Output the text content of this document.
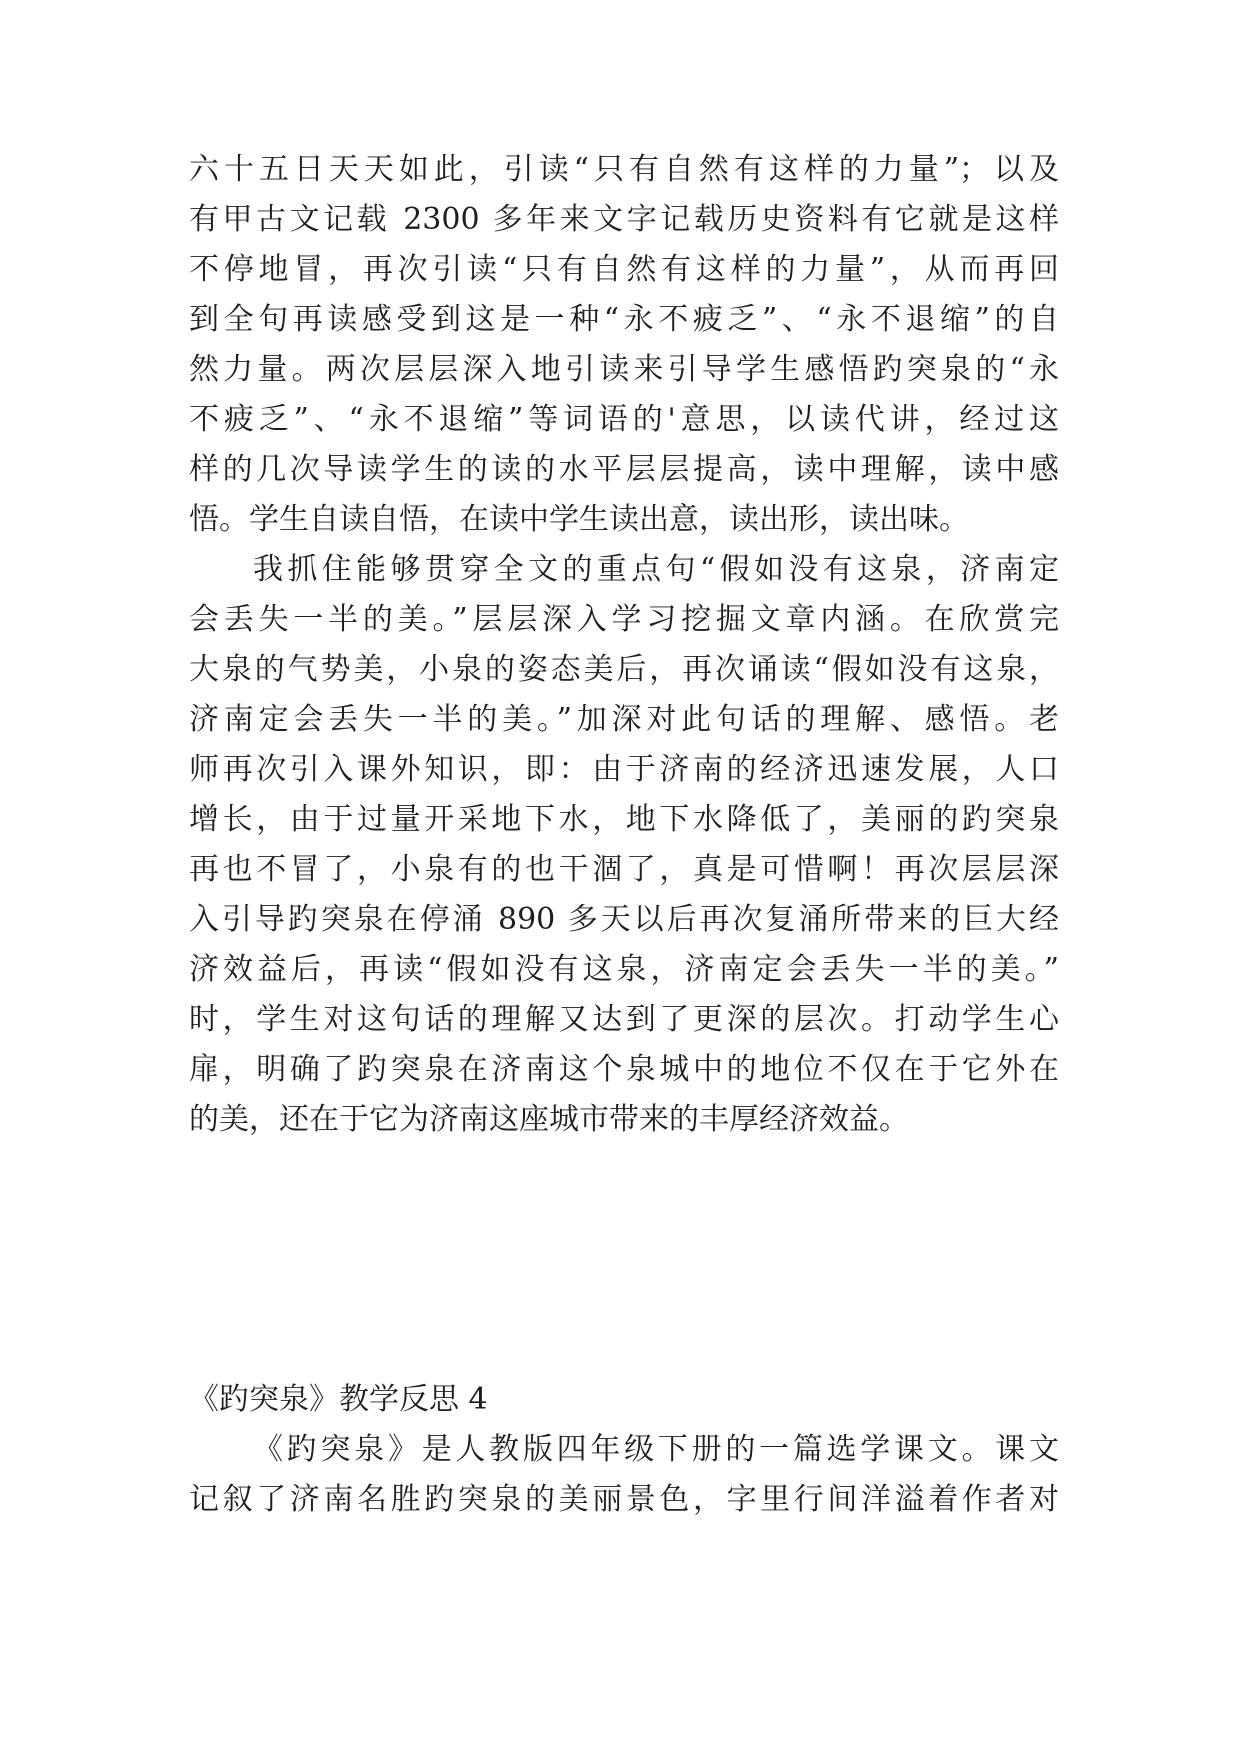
六十五日天天如此，引读“只有自然有这样的力量”；以及
有甲古文记载 2300 多年来文字记载历史资料有它就是这样
不停地冒，再次引读“只有自然有这样的力量”，从而再回
到全句再读感受到这是一种“永不疲乏”、“永不退缩”的自
然力量。两次层层深入地引读来引导学生感悟趵突泉的“永
不疲乏”、“永不退缩”等词语的'意思，以读代讲，经过这
样的几次导读学生的读的水平层层提高，读中理解，读中感
悟。学生自读自悟，在读中学生读出意，读出形，读出味。
我抓住能够贯穿全文的重点句“假如没有这泉，济南定
会丢失一半的美。”层层深入学习挖掘文章内涵。在欣赏完
大泉的气势美，小泉的姿态美后，再次诵读“假如没有这泉，
济南定会丢失一半的美。”加深对此句话的理解、感悟。老
师再次引入课外知识，即：由于济南的经济迅速发展，人口
增长，由于过量开采地下水，地下水降低了，美丽的趵突泉
再也不冒了，小泉有的也干涸了，真是可惜啊！再次层层深
入引导趵突泉在停涌 890 多天以后再次复涌所带来的巨大经
济效益后，再读“假如没有这泉，济南定会丢失一半的美。”
时，学生对这句话的理解又达到了更深的层次。打动学生心
扉，明确了趵突泉在济南这个泉城中的地位不仅在于它外在
的美，还在于它为济南这座城市带来的丰厚经济效益。
《趵突泉》教学反思 4
《趵突泉》是人教版四年级下册的一篇选学课文。课文
记叙了济南名胜趵突泉的美丽景色，字里行间洋溢着作者对
